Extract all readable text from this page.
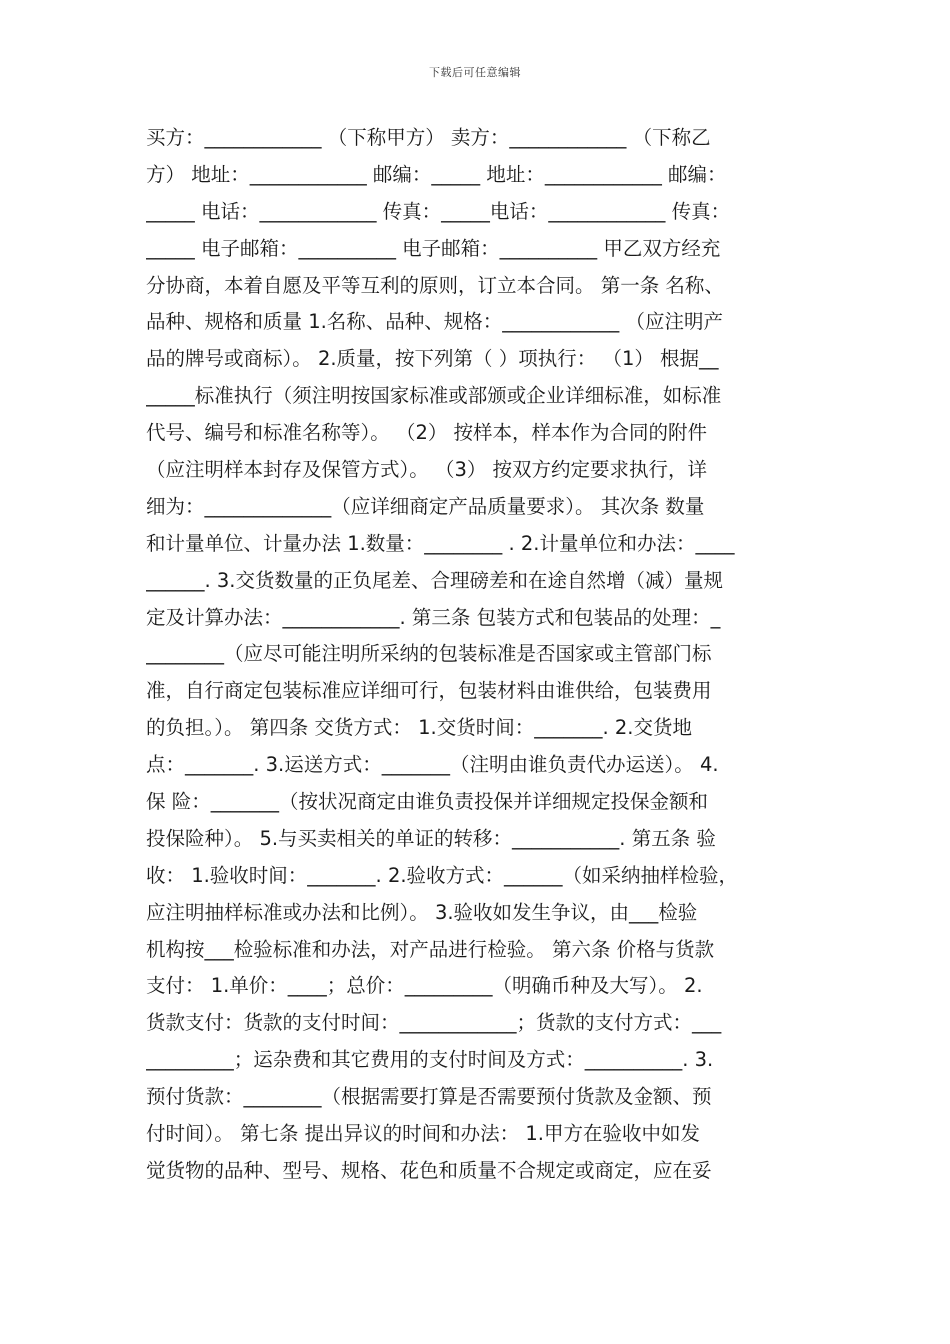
下载后可任意编辑
买方：____________ （下称甲方） 卖方：____________ （下称乙
方） 地址：____________ 邮编：_____ 地址：____________ 邮编：
_____ 电话：____________ 传真：_____电话：____________ 传真：
_____ 电子邮箱：__________ 电子邮箱：__________ 甲乙双方经充
分协商，本着自愿及平等互利的原则，订立本合同。 第一条 名称、
品种、规格和质量 1.名称、品种、规格：____________ （应注明产
品的牌号或商标）。 2.质量，按下列第（ ）项执行： （1） 根据__
_____标准执行（须注明按国家标准或部颁或企业详细标准，如标准
代号、编号和标准名称等）。 （2） 按样本，样本作为合同的附件
（应注明样本封存及保管方式）。 （3） 按双方约定要求执行，详
细为：_____________（应详细商定产品质量要求）。 其次条 数量
和计量单位、计量办法 1.数量：________ . 2.计量单位和办法：____
______. 3.交货数量的正负尾差、合理磅差和在途自然增（减）量规
定及计算办法：____________. 第三条 包装方式和包装品的处理：_
________（应尽可能注明所采纳的包装标准是否国家或主管部门标
准，自行商定包装标准应详细可行，包装材料由谁供给，包装费用
的负担。）。 第四条 交货方式： 1.交货时间：_______. 2.交货地
点：_______. 3.运送方式：_______（注明由谁负责代办运送）。 4.
保 险：_______（按状况商定由谁负责投保并详细规定投保金额和
投保险种）。 5.与买卖相关的单证的转移：___________. 第五条 验
收： 1.验收时间：_______. 2.验收方式：______（如采纳抽样检验，
应注明抽样标准或办法和比例）。 3.验收如发生争议，由___检验
机构按___检验标准和办法，对产品进行检验。 第六条 价格与货款
支付： 1.单价：____；总价：_________（明确币种及大写）。 2.
货款支付：货款的支付时间：____________；货款的支付方式：___
_________；运杂费和其它费用的支付时间及方式：__________. 3.
预付货款：________（根据需要打算是否需要预付货款及金额、预
付时间）。 第七条 提出异议的时间和办法： 1.甲方在验收中如发
觉货物的品种、型号、规格、花色和质量不合规定或商定，应在妥
